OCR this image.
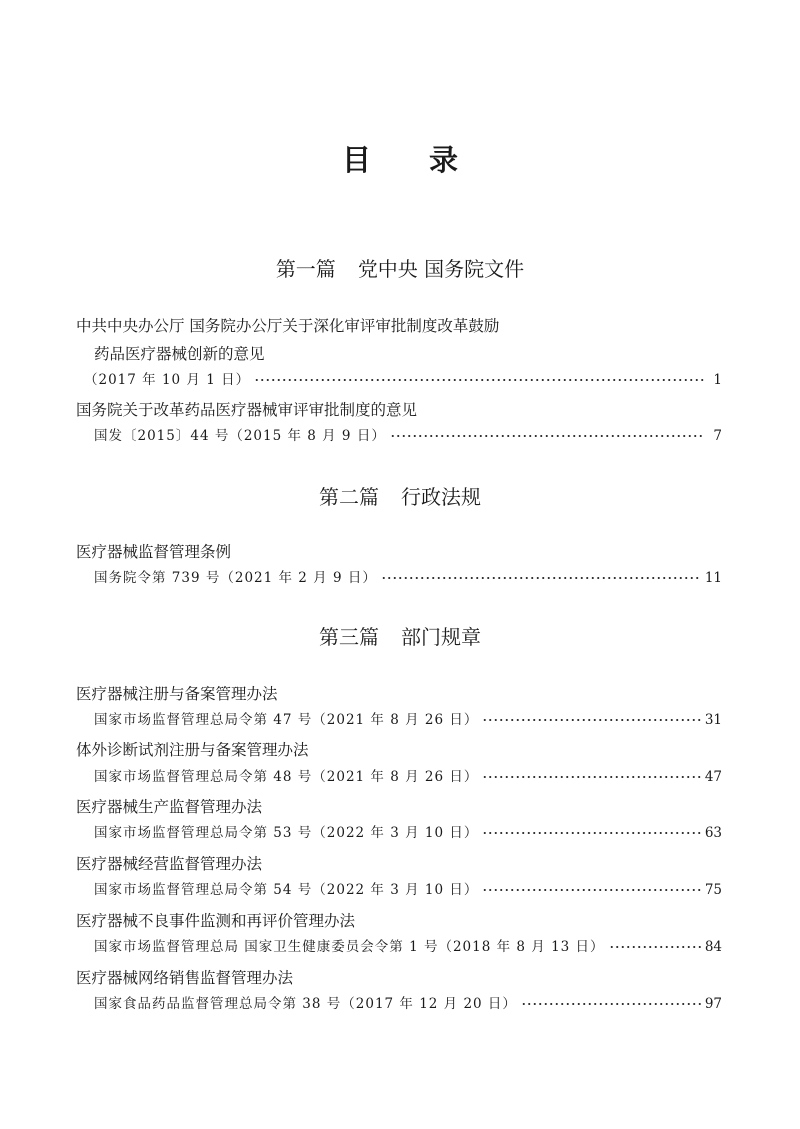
目录
第一篇 党中央 国务院文件
中共中央办公厅 国务院办公厅关于深化审评审批制度改革鼓励
药品医疗器械创新的意见
（2017 年 10 月 1 日）	1
国务院关于改革药品医疗器械审评审批制度的意见
国发〔2015〕44 号（2015 年 8 月 9 日）	7
第二篇 行政法规
医疗器械监督管理条例
国务院令第 739 号（2021 年 2 月 9 日）	11
第三篇 部门规章
医疗器械注册与备案管理办法
国家市场监督管理总局令第 47 号（2021 年 8 月 26 日）	31
体外诊断试剂注册与备案管理办法
国家市场监督管理总局令第 48 号（2021 年 8 月 26 日）	47
医疗器械生产监督管理办法
国家市场监督管理总局令第 53 号（2022 年 3 月 10 日）	63
医疗器械经营监督管理办法
国家市场监督管理总局令第 54 号（2022 年 3 月 10 日）	75
医疗器械不良事件监测和再评价管理办法
国家市场监督管理总局 国家卫生健康委员会令第 1 号（2018 年 8 月 13 日）	84
医疗器械网络销售监督管理办法
国家食品药品监督管理总局令第 38 号（2017 年 12 月 20 日）	97
